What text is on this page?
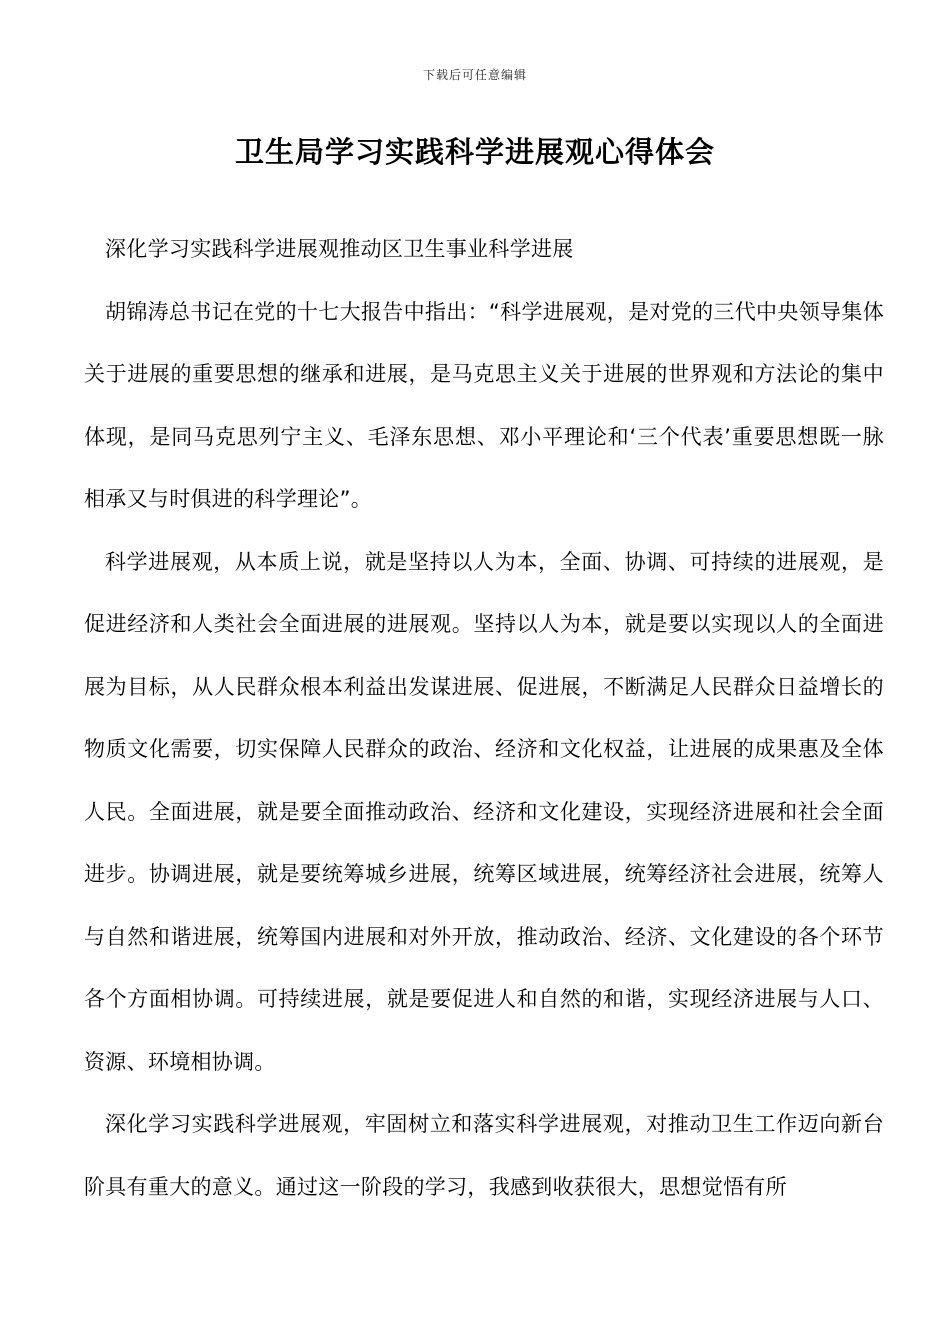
下载后可任意编辑
卫生局学习实践科学进展观心得体会

深化学习实践科学进展观推动区卫生事业科学进展

胡锦涛总书记在党的十七大报告中指出：“科学进展观，是对党的三代中央领导集体关于进展的重要思想的继承和进展，是马克思主义关于进展的世界观和方法论的集中体现，是同马克思列宁主义、毛泽东思想、邓小平理论和‘三个代表’重要思想既一脉相承又与时俱进的科学理论”。

科学进展观，从本质上说，就是坚持以人为本，全面、协调、可持续的进展观，是促进经济和人类社会全面进展的进展观。坚持以人为本，就是要以实现以人的全面进展为目标，从人民群众根本利益出发谋进展、促进展，不断满足人民群众日益增长的物质文化需要，切实保障人民群众的政治、经济和文化权益，让进展的成果惠及全体人民。全面进展，就是要全面推动政治、经济和文化建设，实现经济进展和社会全面进步。协调进展，就是要统筹城乡进展，统筹区域进展，统筹经济社会进展，统筹人与自然和谐进展，统筹国内进展和对外开放，推动政治、经济、文化建设的各个环节各个方面相协调。可持续进展，就是要促进人和自然的和谐，实现经济进展与人口、资源、环境相协调。

深化学习实践科学进展观，牢固树立和落实科学进展观，对推动卫生工作迈向新台阶具有重大的意义。通过这一阶段的学习，我感到收获很大，思想觉悟有所
